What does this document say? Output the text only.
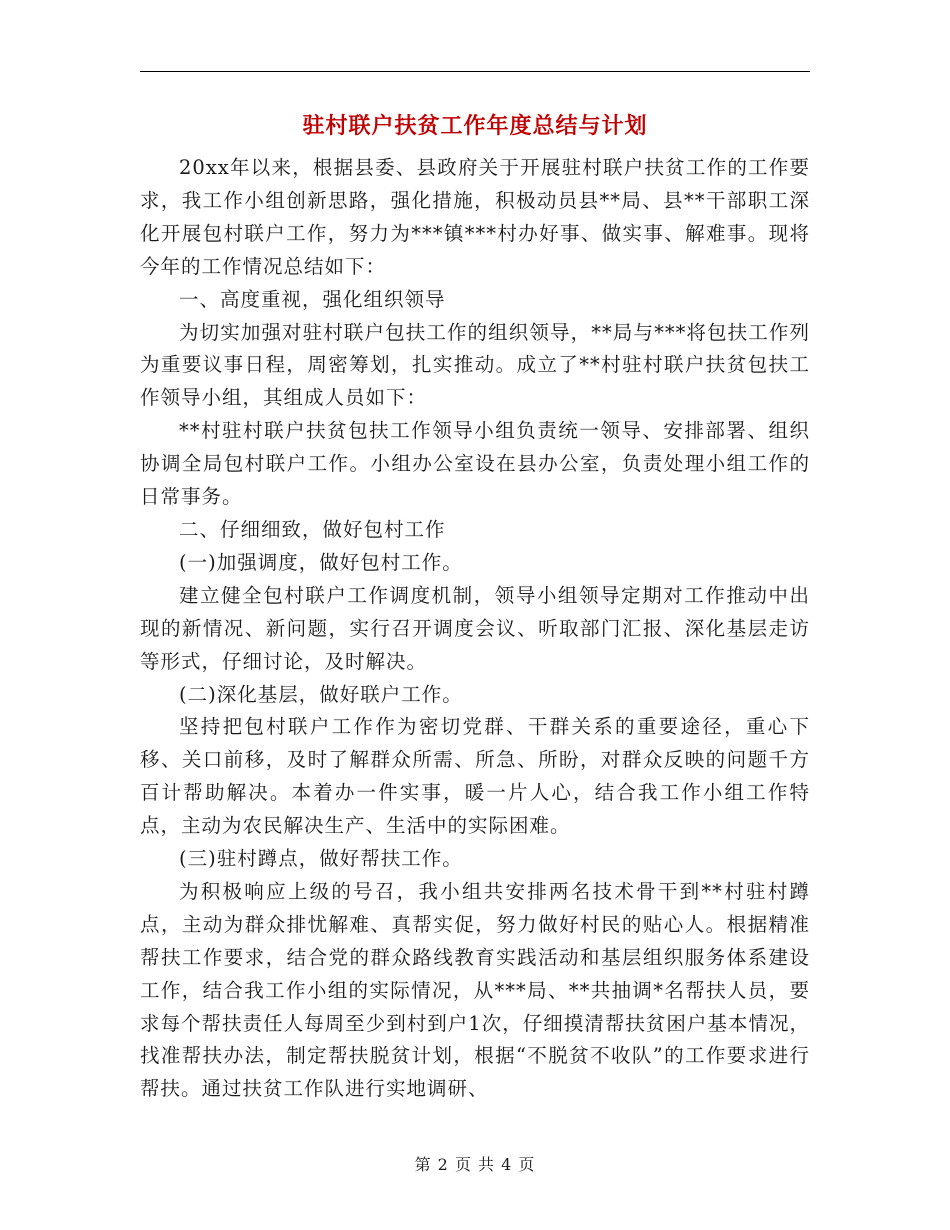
驻村联户扶贫工作年度总结与计划

20xx年以来，根据县委、县政府关于开展驻村联户扶贫工作的工作要求，我工作小组创新思路，强化措施，积极动员县**局、县**干部职工深化开展包村联户工作，努力为***镇***村办好事、做实事、解难事。现将今年的工作情况总结如下：

一、高度重视，强化组织领导

为切实加强对驻村联户包扶工作的组织领导，**局与***将包扶工作列为重要议事日程，周密筹划，扎实推动。成立了**村驻村联户扶贫包扶工作领导小组，其组成人员如下：

**村驻村联户扶贫包扶工作领导小组负责统一领导、安排部署、组织协调全局包村联户工作。小组办公室设在县办公室，负责处理小组工作的日常事务。

二、仔细细致，做好包村工作

(一)加强调度，做好包村工作。

建立健全包村联户工作调度机制，领导小组领导定期对工作推动中出现的新情况、新问题，实行召开调度会议、听取部门汇报、深化基层走访等形式，仔细讨论，及时解决。

(二)深化基层，做好联户工作。

坚持把包村联户工作作为密切党群、干群关系的重要途径，重心下移、关口前移，及时了解群众所需、所急、所盼，对群众反映的问题千方百计帮助解决。本着办一件实事，暖一片人心，结合我工作小组工作特点，主动为农民解决生产、生活中的实际困难。

(三)驻村蹲点，做好帮扶工作。

为积极响应上级的号召，我小组共安排两名技术骨干到**村驻村蹲点，主动为群众排忧解难、真帮实促，努力做好村民的贴心人。根据精准帮扶工作要求，结合党的群众路线教育实践活动和基层组织服务体系建设工作，结合我工作小组的实际情况，从***局、**共抽调*名帮扶人员，要求每个帮扶责任人每周至少到村到户1次，仔细摸清帮扶贫困户基本情况，找准帮扶办法，制定帮扶脱贫计划，根据“不脱贫不收队”的工作要求进行帮扶。通过扶贫工作队进行实地调研、

第 2 页 共 4 页
